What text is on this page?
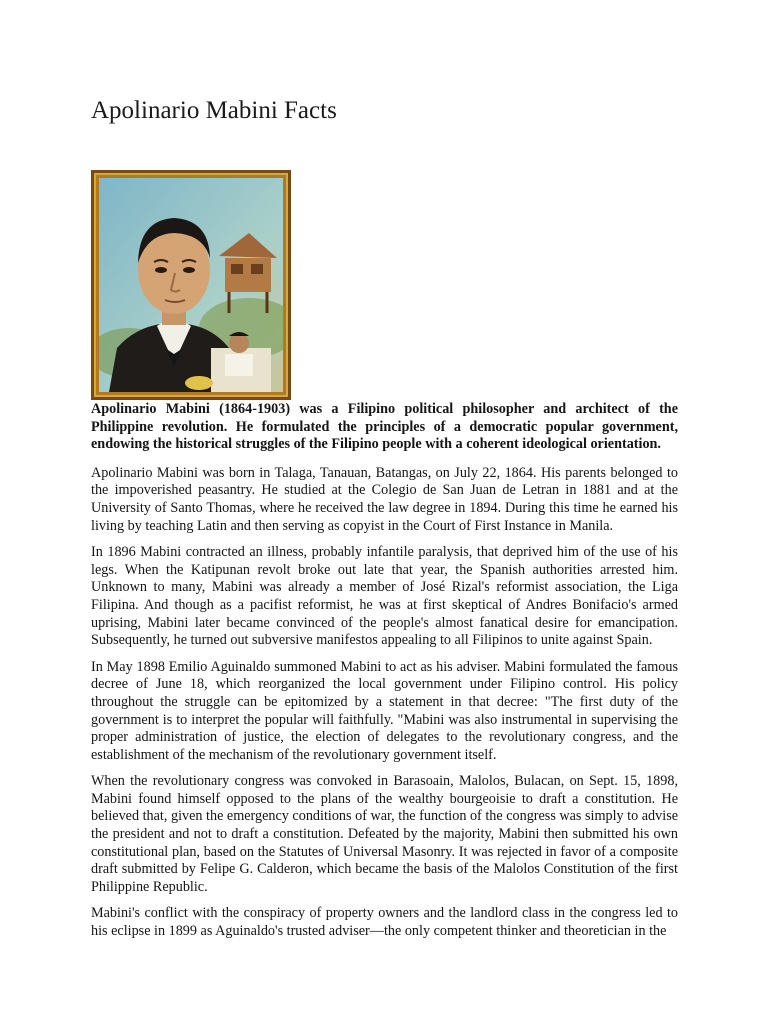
Apolinario Mabini Facts

Apolinario Mabini (1864-1903) was a Filipino political philosopher and architect of the Philippine revolution. He formulated the principles of a democratic popular government, endowing the historical struggles of the Filipino people with a coherent ideological orientation.

Apolinario Mabini was born in Talaga, Tanauan, Batangas, on July 22, 1864. His parents belonged to the impoverished peasantry. He studied at the Colegio de San Juan de Letran in 1881 and at the University of Santo Thomas, where he received the law degree in 1894. During this time he earned his living by teaching Latin and then serving as copyist in the Court of First Instance in Manila.

In 1896 Mabini contracted an illness, probably infantile paralysis, that deprived him of the use of his legs. When the Katipunan revolt broke out late that year, the Spanish authorities arrested him. Unknown to many, Mabini was already a member of José Rizal's reformist association, the Liga Filipina. And though as a pacifist reformist, he was at first skeptical of Andres Bonifacio's armed uprising, Mabini later became convinced of the people's almost fanatical desire for emancipation. Subsequently, he turned out subversive manifestos appealing to all Filipinos to unite against Spain.

In May 1898 Emilio Aguinaldo summoned Mabini to act as his adviser. Mabini formulated the famous decree of June 18, which reorganized the local government under Filipino control. His policy throughout the struggle can be epitomized by a statement in that decree: "The first duty of the government is to interpret the popular will faithfully. "Mabini was also instrumental in supervising the proper administration of justice, the election of delegates to the revolutionary congress, and the establishment of the mechanism of the revolutionary government itself.

When the revolutionary congress was convoked in Barasoain, Malolos, Bulacan, on Sept. 15, 1898, Mabini found himself opposed to the plans of the wealthy bourgeoisie to draft a constitution. He believed that, given the emergency conditions of war, the function of the congress was simply to advise the president and not to draft a constitution. Defeated by the majority, Mabini then submitted his own constitutional plan, based on the Statutes of Universal Masonry. It was rejected in favor of a composite draft submitted by Felipe G. Calderon, which became the basis of the Malolos Constitution of the first Philippine Republic.

Mabini's conflict with the conspiracy of property owners and the landlord class in the congress led to his eclipse in 1899 as Aguinaldo's trusted adviser—the only competent thinker and theoretician in the
